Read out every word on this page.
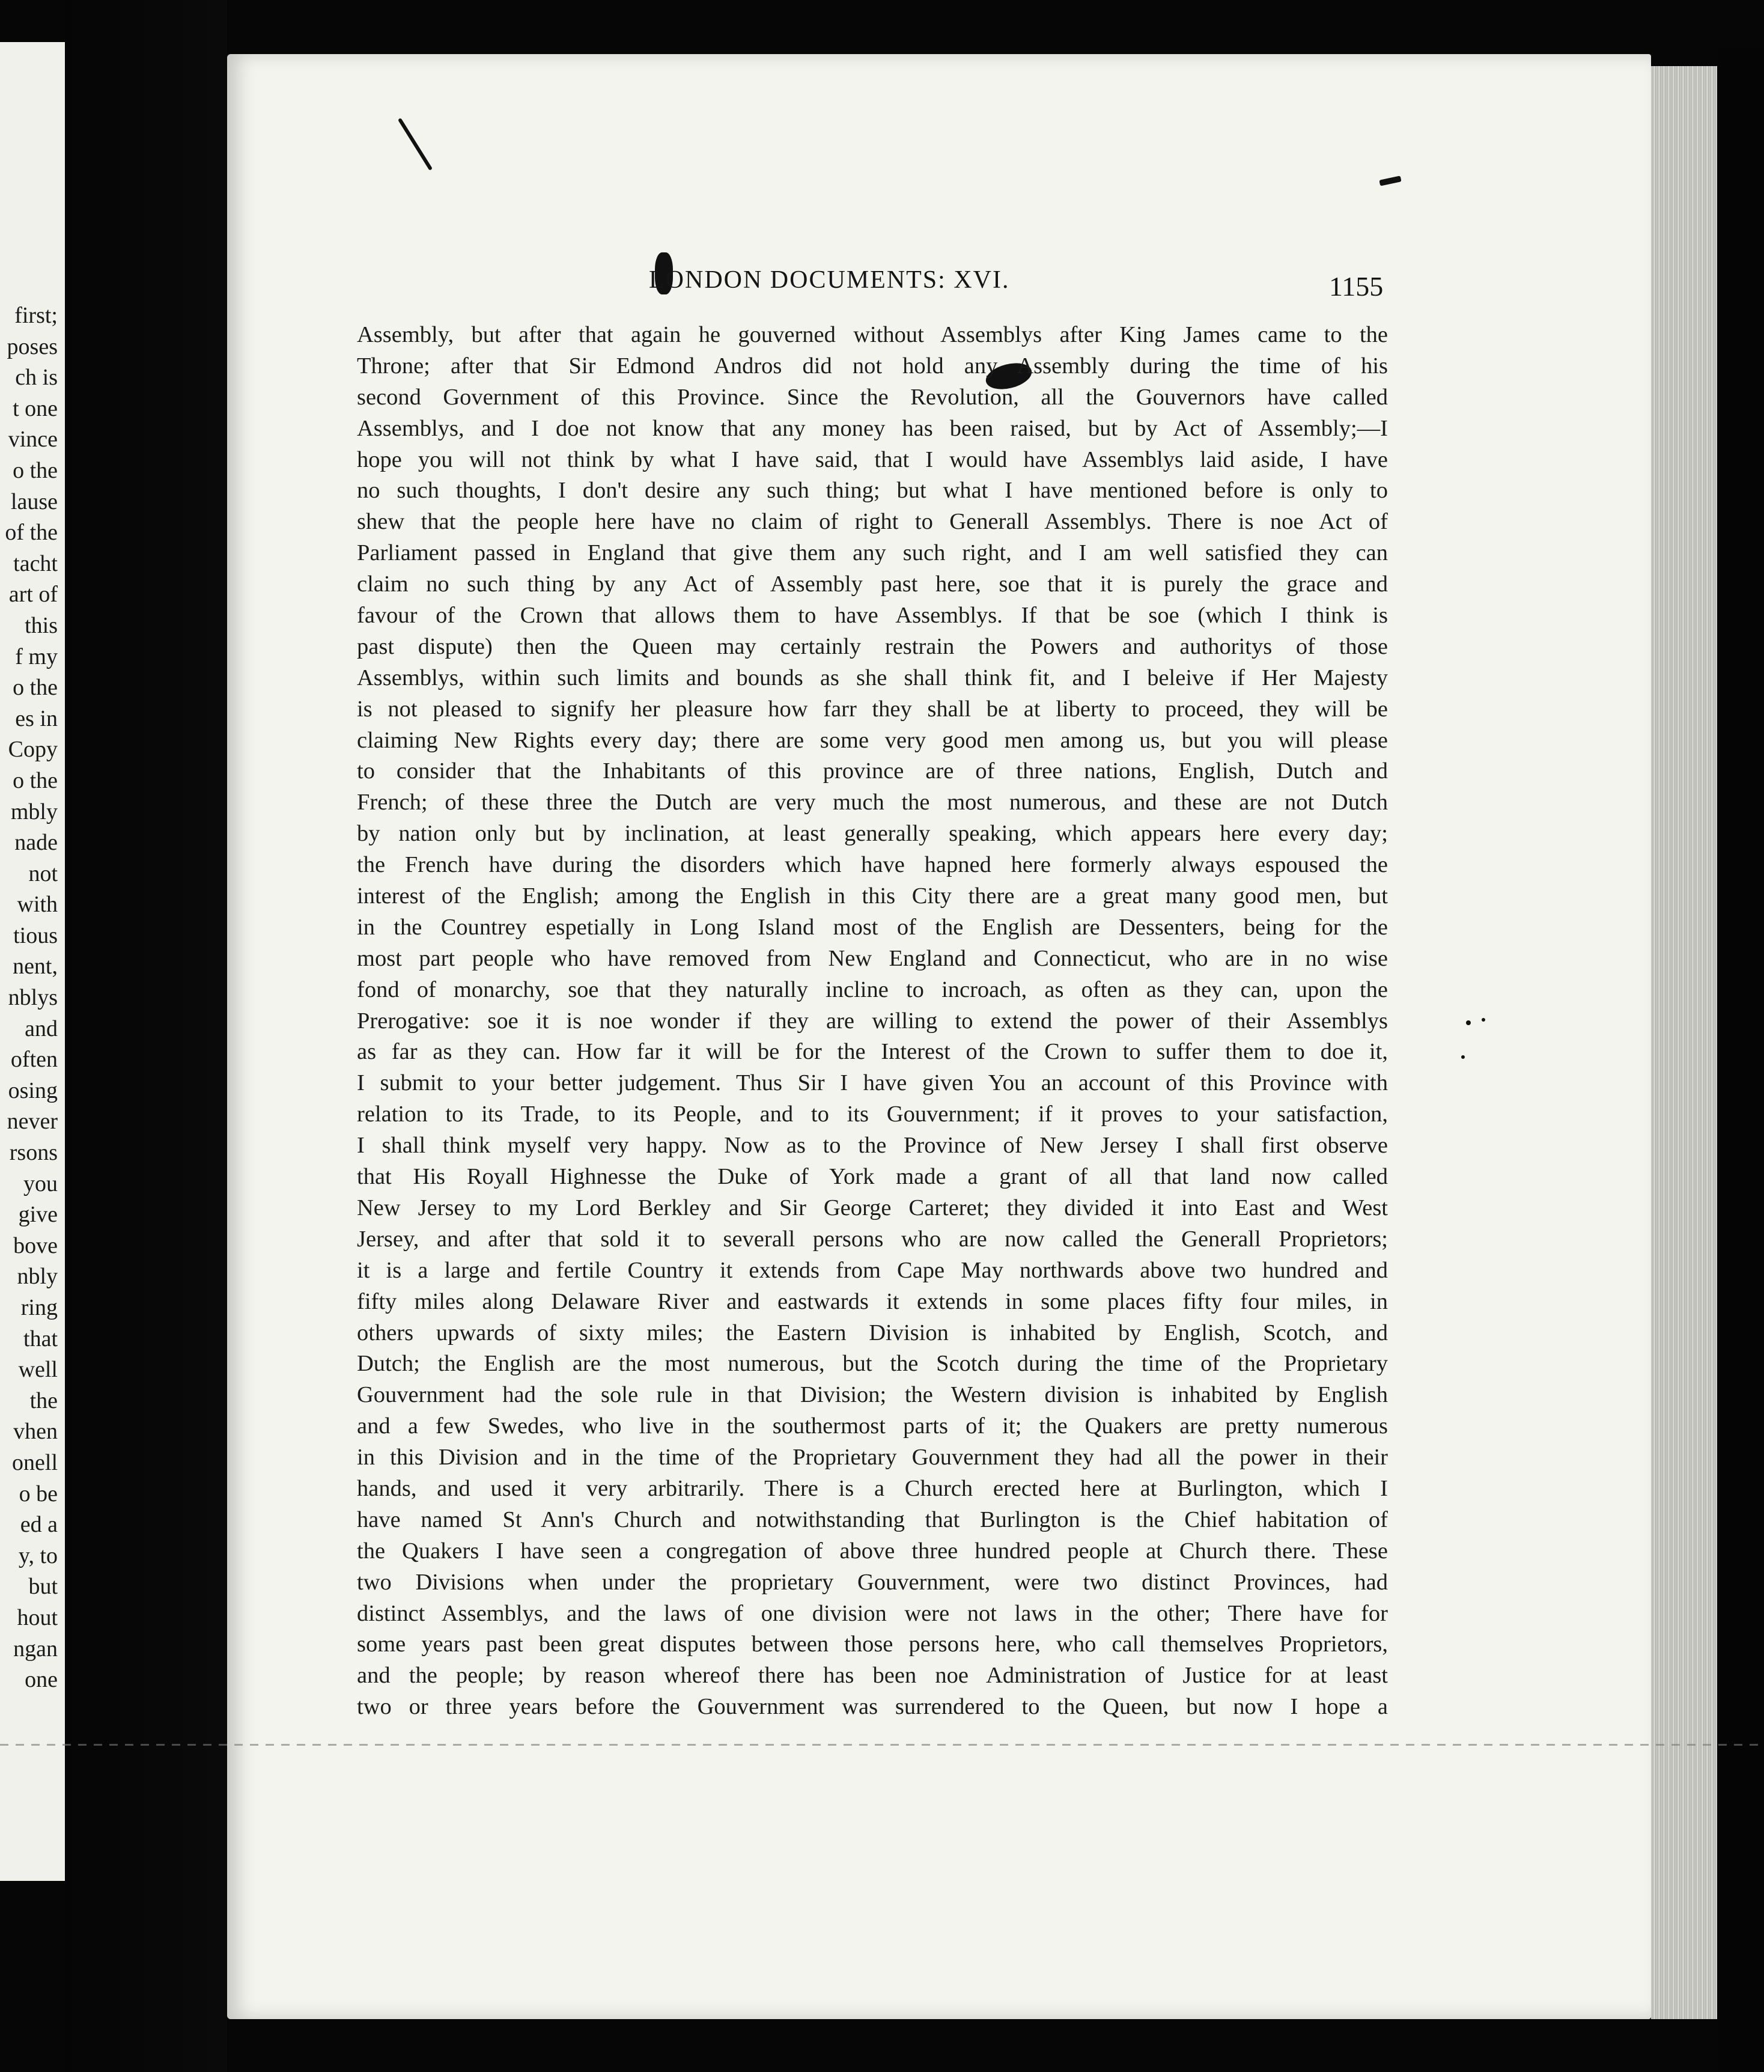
first;
poses
ch is
t one
vince
o the
lause
of the
tacht
art of
this
f my
o the
es in
Copy
o the
mbly
nade
not
with
tious
nent,
nblys
and
often
osing
never
rsons
you
give
bove
nbly
ring
that
well
the
vhen
onell
o be
ed a
y, to
but
hout
ngan
one
LONDON DOCUMENTS: XVI.	1155
Assembly, but after that again he gouverned without Assemblys after King James came to the
Throne; after that Sir Edmond Andros did not hold any Assembly during the time of his
second Government of this Province. Since the Revolution, all the Gouvernors have called
Assemblys, and I doe not know that any money has been raised, but by Act of Assembly;—I
hope you will not think by what I have said, that I would have Assemblys laid aside, I have
no such thoughts, I don't desire any such thing; but what I have mentioned before is only to
shew that the people here have no claim of right to Generall Assemblys. There is noe Act of
Parliament passed in England that give them any such right, and I am well satisfied they can
claim no such thing by any Act of Assembly past here, soe that it is purely the grace and
favour of the Crown that allows them to have Assemblys. If that be soe (which I think is
past dispute) then the Queen may certainly restrain the Powers and authoritys of those
Assemblys, within such limits and bounds as she shall think fit, and I beleive if Her Majesty
is not pleased to signify her pleasure how farr they shall be at liberty to proceed, they will be
claiming New Rights every day; there are some very good men among us, but you will please
to consider that the Inhabitants of this province are of three nations, English, Dutch and
French; of these three the Dutch are very much the most numerous, and these are not Dutch
by nation only but by inclination, at least generally speaking, which appears here every day;
the French have during the disorders which have hapned here formerly always espoused the
interest of the English; among the English in this City there are a great many good men, but
in the Countrey espetially in Long Island most of the English are Dessenters, being for the
most part people who have removed from New England and Connecticut, who are in no wise
fond of monarchy, soe that they naturally incline to incroach, as often as they can, upon the
Prerogative: soe it is noe wonder if they are willing to extend the power of their Assemblys
as far as they can. How far it will be for the Interest of the Crown to suffer them to doe it,
I submit to your better judgement. Thus Sir I have given You an account of this Province with
relation to its Trade, to its People, and to its Gouvernment; if it proves to your satisfaction,
I shall think myself very happy. Now as to the Province of New Jersey I shall first observe
that His Royall Highnesse the Duke of York made a grant of all that land now called
New Jersey to my Lord Berkley and Sir George Carteret; they divided it into East and West
Jersey, and after that sold it to severall persons who are now called the Generall Proprietors;
it is a large and fertile Country it extends from Cape May northwards above two hundred and
fifty miles along Delaware River and eastwards it extends in some places fifty four miles, in
others upwards of sixty miles; the Eastern Division is inhabited by English, Scotch, and
Dutch; the English are the most numerous, but the Scotch during the time of the Proprietary
Gouvernment had the sole rule in that Division; the Western division is inhabited by English
and a few Swedes, who live in the southermost parts of it; the Quakers are pretty numerous
in this Division and in the time of the Proprietary Gouvernment they had all the power in their
hands, and used it very arbitrarily. There is a Church erected here at Burlington, which I
have named St Ann's Church and notwithstanding that Burlington is the Chief habitation of
the Quakers I have seen a congregation of above three hundred people at Church there. These
two Divisions when under the proprietary Gouvernment, were two distinct Provinces, had
distinct Assemblys, and the laws of one division were not laws in the other; There have for
some years past been great disputes between those persons here, who call themselves Proprietors,
and the people; by reason whereof there has been noe Administration of Justice for at least
two or three years before the Gouvernment was surrendered to the Queen, but now I hope a
